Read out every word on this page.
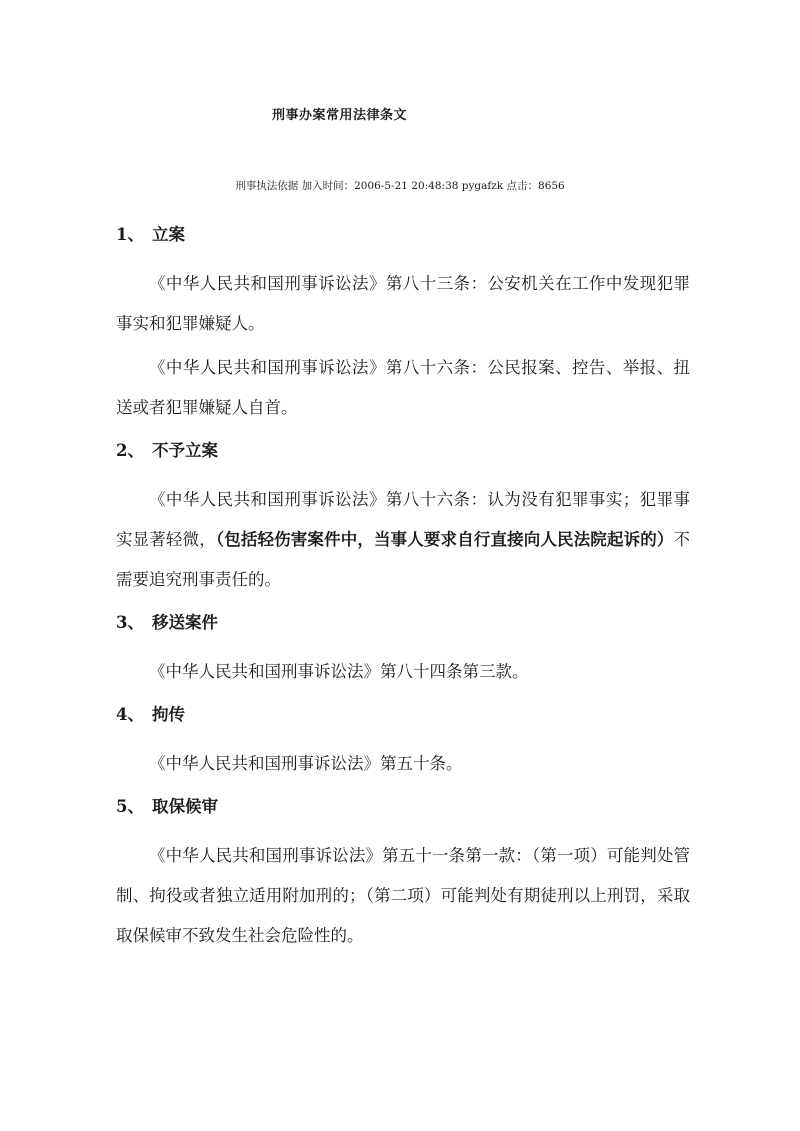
刑事办案常用法律条文
刑事执法依据 加入时间：2006-5-21 20:48:38 pygafzk 点击：8656
1、 立案

《中华人民共和国刑事诉讼法》第八十三条：公安机关在工作中发现犯罪事实和犯罪嫌疑人。

《中华人民共和国刑事诉讼法》第八十六条：公民报案、控告、举报、扭送或者犯罪嫌疑人自首。

2、 不予立案

《中华人民共和国刑事诉讼法》第八十六条：认为没有犯罪事实；犯罪事实显著轻微，（包括轻伤害案件中，当事人要求自行直接向人民法院起诉的）不需要追究刑事责任的。

3、 移送案件

《中华人民共和国刑事诉讼法》第八十四条第三款。

4、 拘传

《中华人民共和国刑事诉讼法》第五十条。

5、 取保候审

《中华人民共和国刑事诉讼法》第五十一条第一款：（第一项）可能判处管制、拘役或者独立适用附加刑的；（第二项）可能判处有期徒刑以上刑罚，采取取保候审不致发生社会危险性的。
